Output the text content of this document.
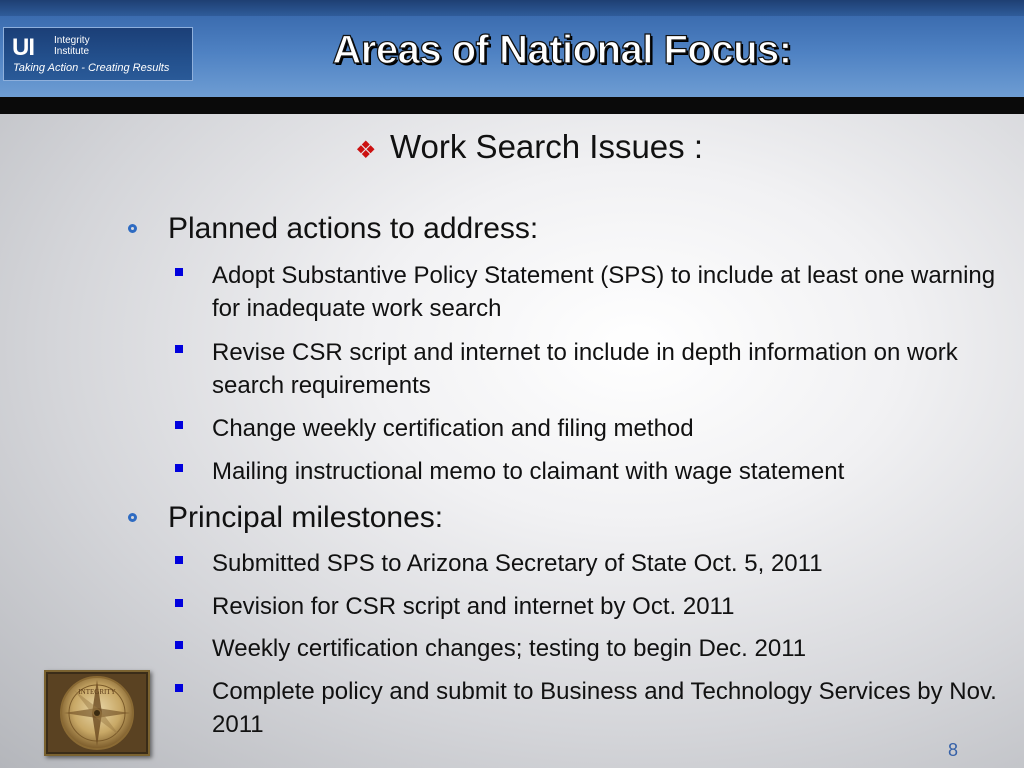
UI Integrity
Institute
Taking Action - Creating Results	Areas of National Focus:
❖ Work Search Issues :
Planned actions to address:
Adopt Substantive Policy Statement (SPS) to include at least one warning for inadequate work search
Revise CSR script and internet to include in depth information on work search requirements
Change weekly certification and filing method
Mailing instructional memo to claimant with wage statement
Principal milestones:
Submitted SPS to Arizona Secretary of State Oct. 5, 2011
Revision for CSR script and internet by Oct. 2011
Weekly certification changes; testing to begin Dec. 2011
Complete policy and submit to Business and Technology Services by Nov. 2011
INTEGRITY
8
